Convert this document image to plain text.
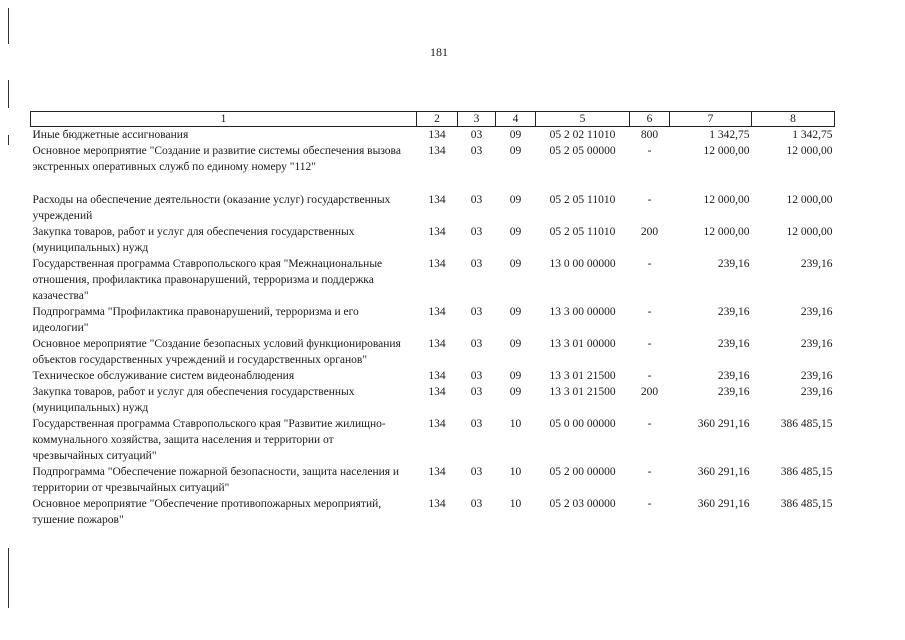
181
1	2	3	4	5	6	7	8
Иные бюджетные ассигнования	134	03	09	05 2 02 11010	800	1 342,75	1 342,75
Основное мероприятие "Создание и развитие системы обеспечения вызова экстренных оперативных служб по единому номеру "112"	134	03	09	05 2 05 00000	-	12 000,00	12 000,00
Расходы на обеспечение деятельности (оказание услуг) государственных учреждений	134	03	09	05 2 05 11010	-	12 000,00	12 000,00
Закупка товаров, работ и услуг для обеспечения государственных (муниципальных) нужд	134	03	09	05 2 05 11010	200	12 000,00	12 000,00
Государственная программа Ставропольского края "Межнациональные отношения, профилактика правонарушений, терроризма и поддержка казачества"	134	03	09	13 0 00 00000	-	239,16	239,16
Подпрограмма "Профилактика правонарушений, терроризма и его идеологии"	134	03	09	13 3 00 00000	-	239,16	239,16
Основное мероприятие "Создание безопасных условий функционирования объектов государственных учреждений и государственных органов"	134	03	09	13 3 01 00000	-	239,16	239,16
Техническое обслуживание систем видеонаблюдения	134	03	09	13 3 01 21500	-	239,16	239,16
Закупка товаров, работ и услуг для обеспечения государственных (муниципальных) нужд	134	03	09	13 3 01 21500	200	239,16	239,16
Государственная программа Ставропольского края "Развитие жилищно-коммунального хозяйства, защита населения и территории от чрезвычайных ситуаций"	134	03	10	05 0 00 00000	-	360 291,16	386 485,15
Подпрограмма "Обеспечение пожарной безопасности, защита населения и территории от чрезвычайных ситуаций"	134	03	10	05 2 00 00000	-	360 291,16	386 485,15
Основное мероприятие "Обеспечение противопожарных мероприятий, тушение пожаров"	134	03	10	05 2 03 00000	-	360 291,16	386 485,15
